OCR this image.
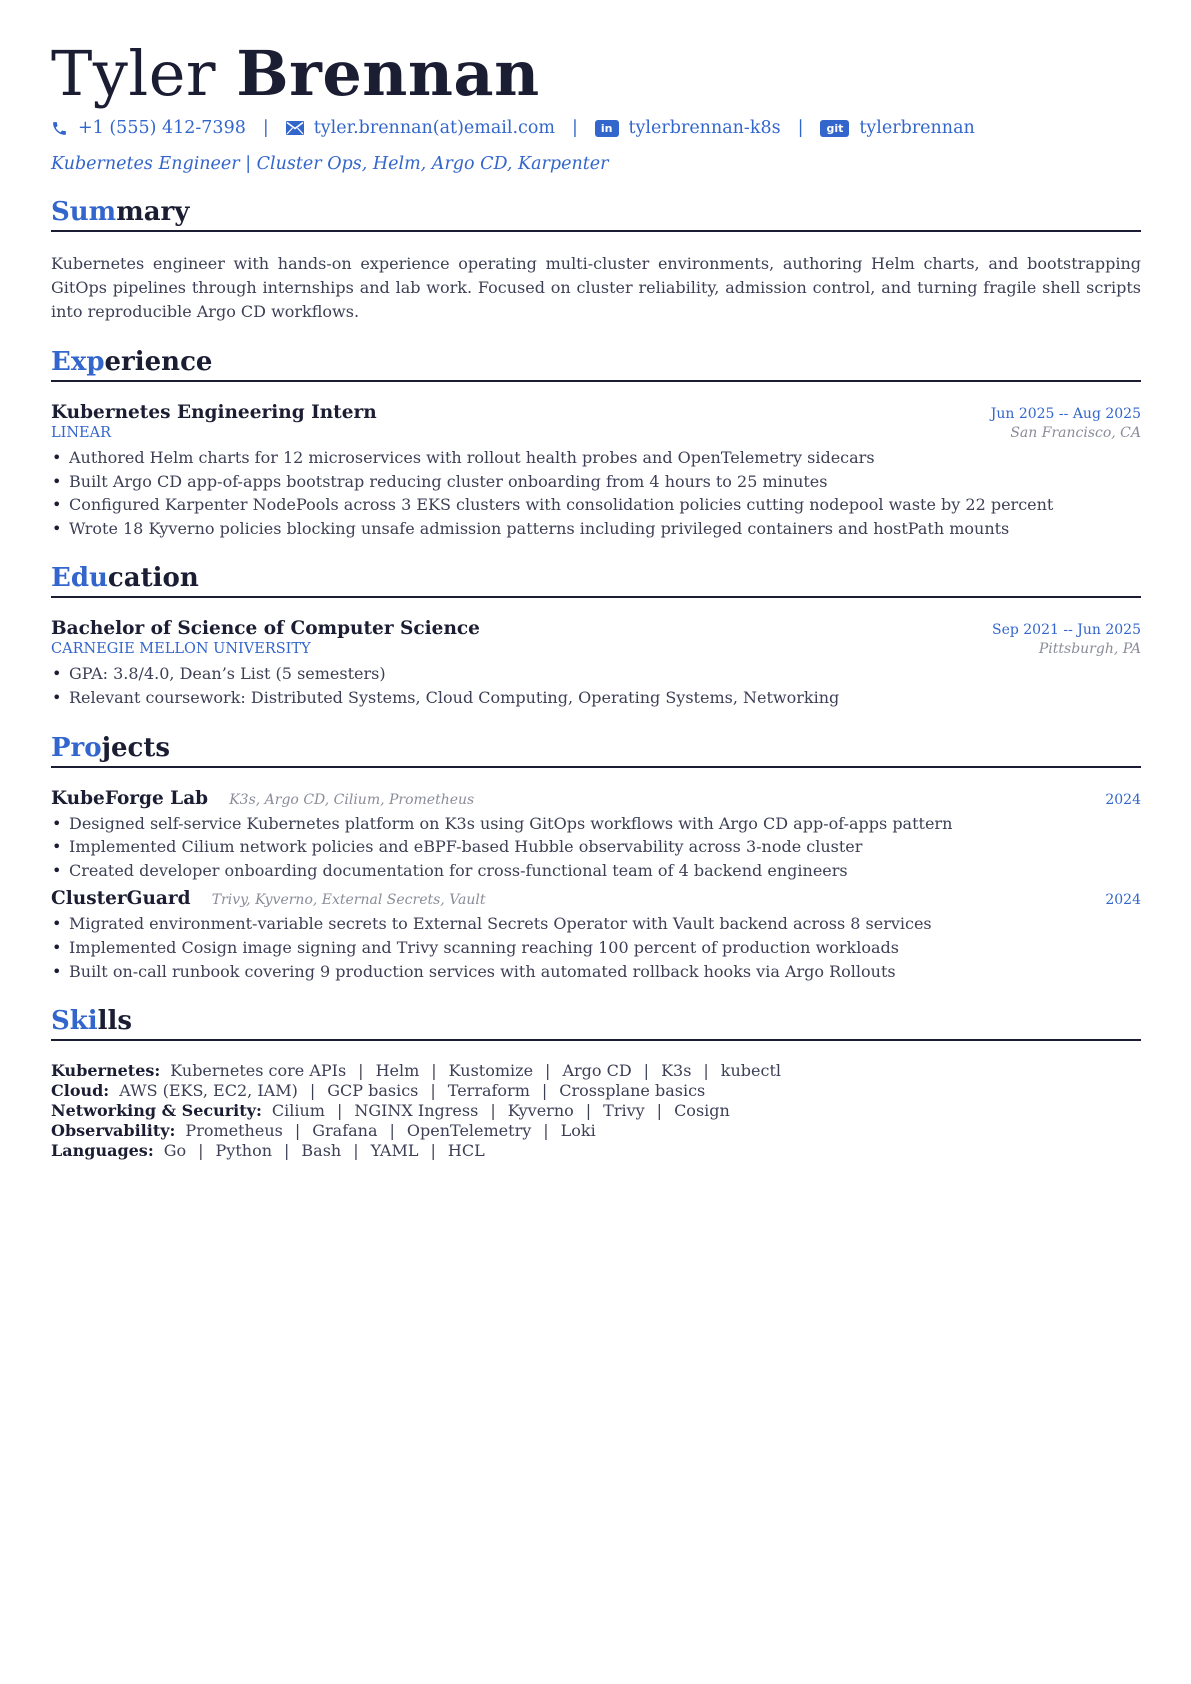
Tyler Brennan
+1 (555) 412-7398 |	tyler.brennan(at)email.com |	in tylerbrennan-k8s |	git tylerbrennan
Kubernetes Engineer | Cluster Ops, Helm, Argo CD, Karpenter
Summary
Kubernetes engineer with hands-on experience operating multi-cluster environments, authoring Helm charts, and bootstrapping GitOps pipelines through internships and lab work. Focused on cluster reliability, admission control, and turning fragile shell scripts into reproducible Argo CD workflows.
Experience
Kubernetes Engineering Intern	Jun 2025 -- Aug 2025
LINEAR	San Francisco, CA
• Authored Helm charts for 12 microservices with rollout health probes and OpenTelemetry sidecars
• Built Argo CD app-of-apps bootstrap reducing cluster onboarding from 4 hours to 25 minutes
• Configured Karpenter NodePools across 3 EKS clusters with consolidation policies cutting nodepool waste by 22 percent
• Wrote 18 Kyverno policies blocking unsafe admission patterns including privileged containers and hostPath mounts
Education
Bachelor of Science of Computer Science	Sep 2021 -- Jun 2025
CARNEGIE MELLON UNIVERSITY	Pittsburgh, PA
• GPA: 3.8/4.0, Dean’s List (5 semesters)
• Relevant coursework: Distributed Systems, Cloud Computing, Operating Systems, Networking
Projects
KubeForge Lab K3s, Argo CD, Cilium, Prometheus	2024
• Designed self-service Kubernetes platform on K3s using GitOps workflows with Argo CD app-of-apps pattern
• Implemented Cilium network policies and eBPF-based Hubble observability across 3-node cluster
• Created developer onboarding documentation for cross-functional team of 4 backend engineers
ClusterGuard Trivy, Kyverno, External Secrets, Vault	2024
• Migrated environment-variable secrets to External Secrets Operator with Vault backend across 8 services
• Implemented Cosign image signing and Trivy scanning reaching 100 percent of production workloads
• Built on-call runbook covering 9 production services with automated rollback hooks via Argo Rollouts
Skills
Kubernetes: Kubernetes core APIs | Helm | Kustomize | Argo CD | K3s | kubectl
Cloud: AWS (EKS, EC2, IAM) | GCP basics | Terraform | Crossplane basics
Networking & Security: Cilium | NGINX Ingress | Kyverno | Trivy | Cosign
Observability: Prometheus | Grafana | OpenTelemetry | Loki
Languages: Go | Python | Bash | YAML | HCL
